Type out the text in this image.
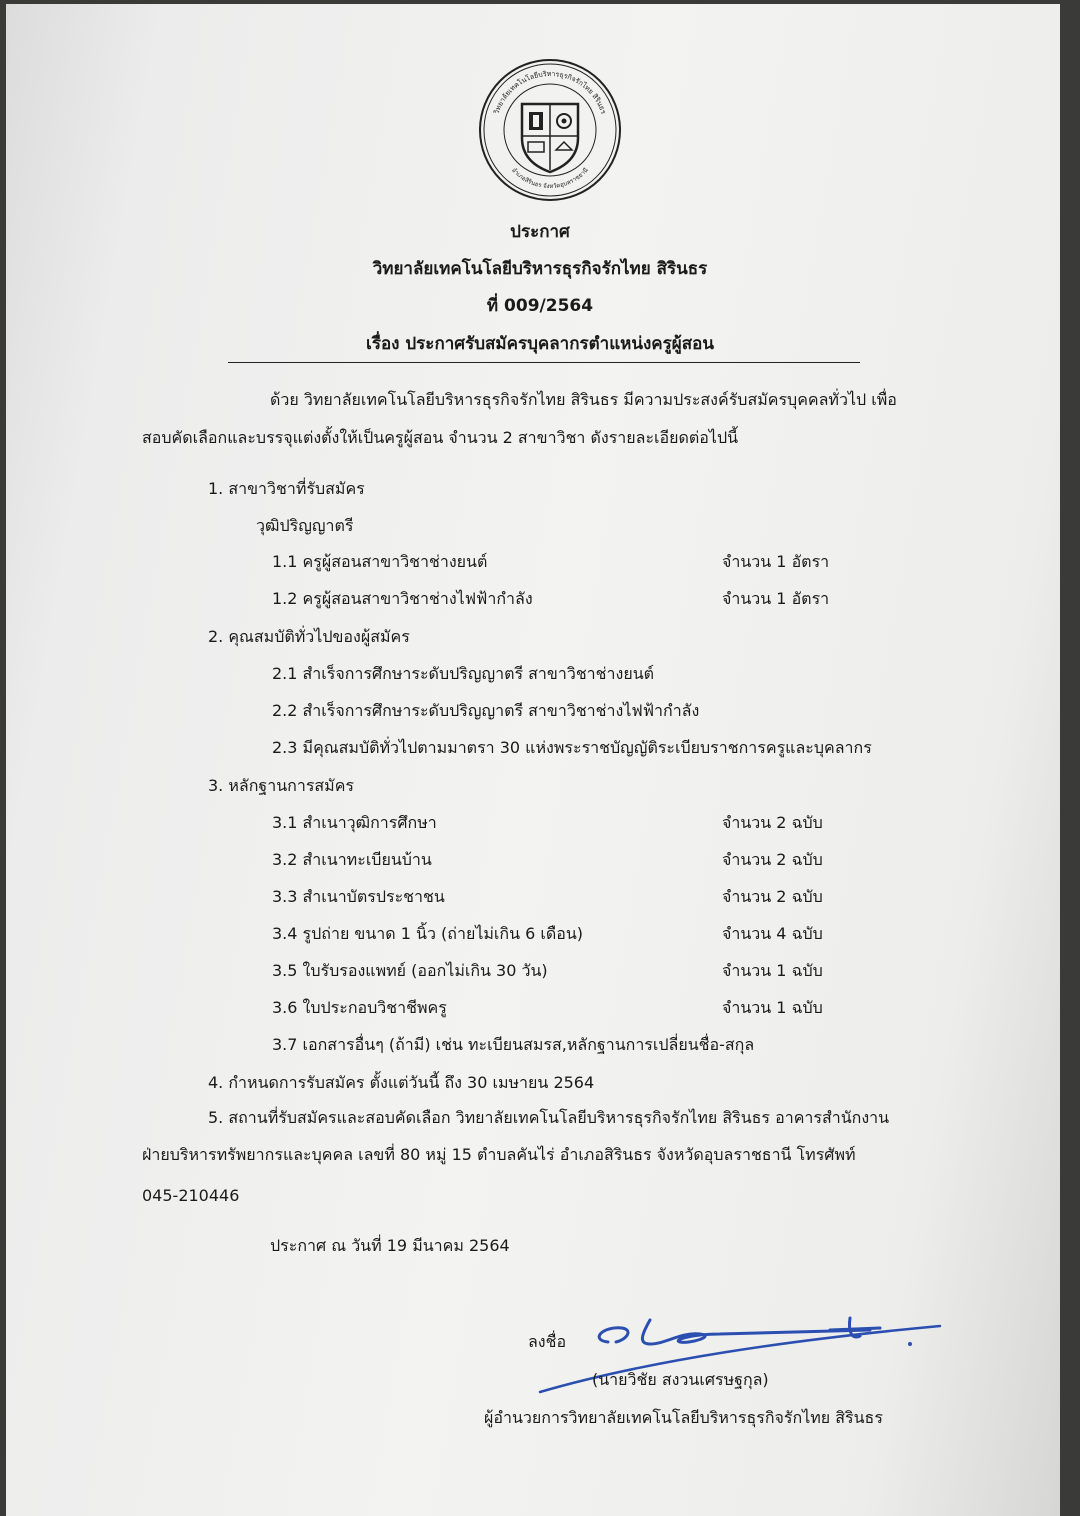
วิทยาลัยเทคโนโลยีบริหารธุรกิจรักไทย สิรินธร
อำเภอสิรินธร จังหวัดอุบลราชธานี
ประกาศ
วิทยาลัยเทคโนโลยีบริหารธุรกิจรักไทย สิรินธร
ที่ 009/2564
เรื่อง ประกาศรับสมัครบุคลากรตำแหน่งครูผู้สอน
ด้วย วิทยาลัยเทคโนโลยีบริหารธุรกิจรักไทย สิรินธร มีความประสงค์รับสมัครบุคคลทั่วไป เพื่อ
สอบคัดเลือกและบรรจุแต่งตั้งให้เป็นครูผู้สอน จำนวน 2 สาขาวิชา ดังรายละเอียดต่อไปนี้
1. สาขาวิชาที่รับสมัคร
วุฒิปริญญาตรี
1.1 ครูผู้สอนสาขาวิชาช่างยนต์	จำนวน 1 อัตรา
1.2 ครูผู้สอนสาขาวิชาช่างไฟฟ้ากำลัง	จำนวน 1 อัตรา
2. คุณสมบัติทั่วไปของผู้สมัคร
2.1 สำเร็จการศึกษาระดับปริญญาตรี สาขาวิชาช่างยนต์
2.2 สำเร็จการศึกษาระดับปริญญาตรี สาขาวิชาช่างไฟฟ้ากำลัง
2.3 มีคุณสมบัติทั่วไปตามมาตรา 30 แห่งพระราชบัญญัติระเบียบราชการครูและบุคลากร
3. หลักฐานการสมัคร
3.1 สำเนาวุฒิการศึกษา	จำนวน 2 ฉบับ
3.2 สำเนาทะเบียนบ้าน	จำนวน 2 ฉบับ
3.3 สำเนาบัตรประชาชน	จำนวน 2 ฉบับ
3.4 รูปถ่าย ขนาด 1 นิ้ว (ถ่ายไม่เกิน 6 เดือน)	จำนวน 4 ฉบับ
3.5 ใบรับรองแพทย์ (ออกไม่เกิน 30 วัน)	จำนวน 1 ฉบับ
3.6 ใบประกอบวิชาชีพครู	จำนวน 1 ฉบับ
3.7 เอกสารอื่นๆ (ถ้ามี) เช่น ทะเบียนสมรส,หลักฐานการเปลี่ยนชื่อ-สกุล
4. กำหนดการรับสมัคร ตั้งแต่วันนี้ ถึง 30 เมษายน 2564
5. สถานที่รับสมัครและสอบคัดเลือก วิทยาลัยเทคโนโลยีบริหารธุรกิจรักไทย สิรินธร อาคารสำนักงาน
ฝ่ายบริหารทรัพยากรและบุคคล เลขที่ 80 หมู่ 15 ตำบลคันไร่ อำเภอสิรินธร จังหวัดอุบลราชธานี โทรศัพท์
045-210446
ประกาศ ณ วันที่ 19 มีนาคม 2564
ลงชื่อ
(นายวิชัย สงวนเศรษฐกุล)
ผู้อำนวยการวิทยาลัยเทคโนโลยีบริหารธุรกิจรักไทย สิรินธร
